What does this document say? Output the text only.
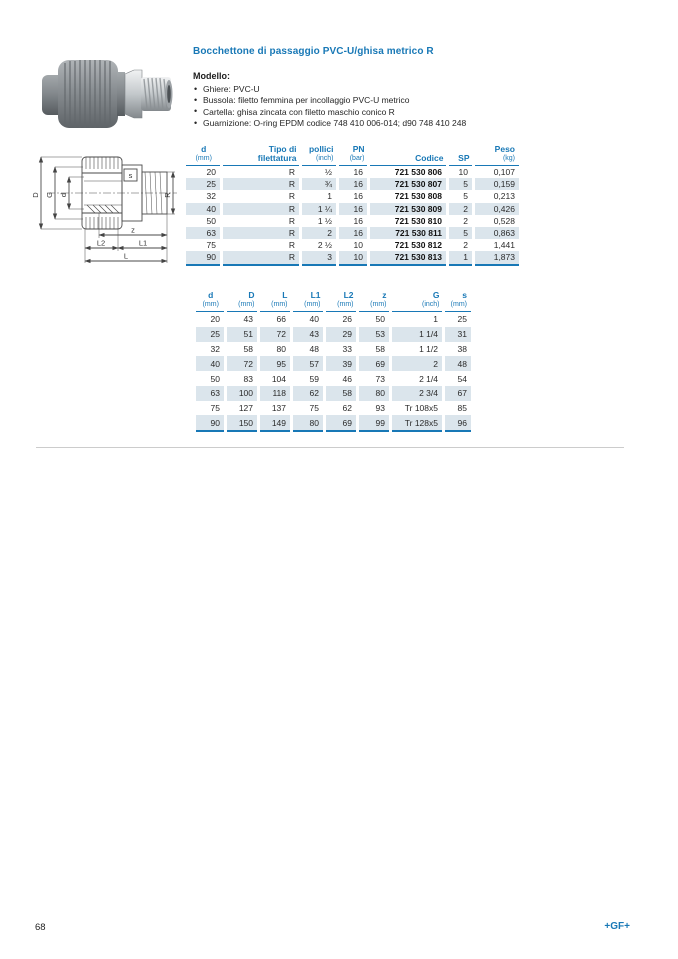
Bocchettone di passaggio PVC-U/ghisa metrico R
Modello:
• Ghiere: PVC-U
• Bussola: filetto femmina per incollaggio PVC-U metrico
• Cartella: ghisa zincata con filetto maschio conico R
• Guarnizione: O-ring EPDM codice 748 410 006-014; d90 748 410 248
D G d
s
R
z
L2	L1
L
d
(mm)

Tipo di
filettatura

pollici
(inch)

PN
(bar)	Codice	SP

Peso
(kg)

20	R	½	16	721 530 806	10	0,107
25	R	¾	16	721 530 807	5	0,159
32	R	1	16	721 530 808	5	0,213
40	R	1 ¼	16	721 530 809	2	0,426
50	R	1 ½	16	721 530 810	2	0,528
63	R	2	16	721 530 811	5	0,863
75	R	2 ½	10	721 530 812	2	1,441
90	R	3	10	721 530 813	1	1,873
d
(mm)

D
(mm)

L
(mm)

L1
(mm)

L2
(mm)

z
(mm)

G
(inch)

s
(mm)

20	43	66	40	26	50	1	25
25	51	72	43	29	53	1 1/4	31
32	58	80	48	33	58	1 1/2	38
40	72	95	57	39	69	2	48
50	83	104	59	46	73	2 1/4	54
63	100	118	62	58	80	2 3/4	67
75	127	137	75	62	93	Tr 108x5	85
90	150	149	80	69	99	Tr 128x5	96
68	+GF+
